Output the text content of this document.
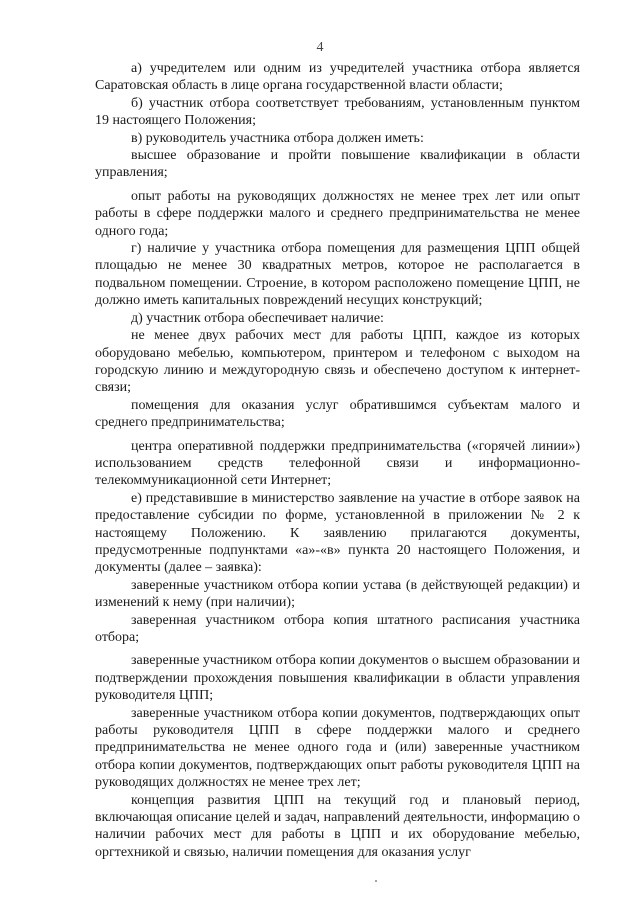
4

а) учредителем или одним из учредителей участника отбора является Саратовская область в лице органа государственной власти области;

б) участник отбора соответствует требованиям, установленным пунктом 19 настоящего Положения;

в) руководитель участника отбора должен иметь:

высшее образование и пройти повышение квалификации в области управления;

опыт работы на руководящих должностях не менее трех лет или опыт работы в сфере поддержки малого и среднего предпринимательства не менее одного года;

г) наличие у участника отбора помещения для размещения ЦПП общей площадью не менее 30 квадратных метров, которое не располагается в подвальном помещении. Строение, в котором расположено помещение ЦПП, не должно иметь капитальных повреждений несущих конструкций;

д) участник отбора обеспечивает наличие:

не менее двух рабочих мест для работы ЦПП, каждое из которых оборудовано мебелью, компьютером, принтером и телефоном с выходом на городскую линию и междугородную связь и обеспечено доступом к интернет-связи;

помещения для оказания услуг обратившимся субъектам малого и среднего предпринимательства;

центра оперативной поддержки предпринимательства («горячей линии») использованием средств телефонной связи и информационно-телекоммуникационной сети Интернет;

е) представившие в министерство заявление на участие в отборе заявок на предоставление субсидии по форме, установленной в приложении № 2 к настоящему Положению. К заявлению прилагаются документы, предусмотренные подпунктами «а»-«в» пункта 20 настоящего Положения, и документы (далее – заявка):

заверенные участником отбора копии устава (в действующей редакции) и изменений к нему (при наличии);

заверенная участником отбора копия штатного расписания участника отбора;

заверенные участником отбора копии документов о высшем образовании и подтверждении прохождения повышения квалификации в области управления руководителя ЦПП;

заверенные участником отбора копии документов, подтверждающих опыт работы руководителя ЦПП в сфере поддержки малого и среднего предпринимательства не менее одного года и (или) заверенные участником отбора копии документов, подтверждающих опыт работы руководителя ЦПП на руководящих должностях не менее трех лет;

концепция развития ЦПП на текущий год и плановый период, включающая описание целей и задач, направлений деятельности, информацию о наличии рабочих мест для работы в ЦПП и их оборудование мебелью, оргтехникой и связью, наличии помещения для оказания услуг
